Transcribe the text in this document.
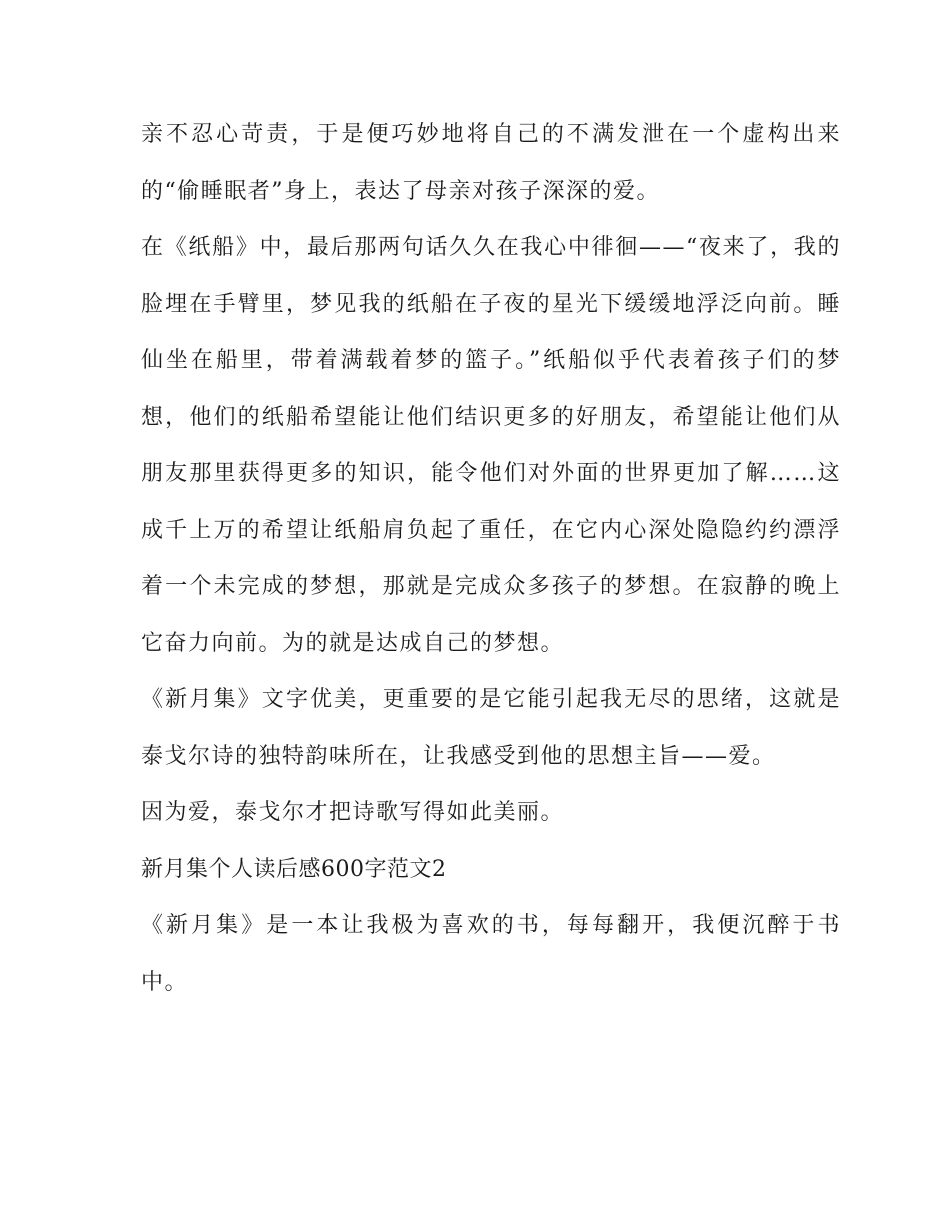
亲不忍心苛责，于是便巧妙地将自己的不满发泄在一个虚构出来的“偷睡眠者”身上，表达了母亲对孩子深深的爱。

在《纸船》中，最后那两句话久久在我心中徘徊——“夜来了，我的脸埋在手臂里，梦见我的纸船在子夜的星光下缓缓地浮泛向前。睡仙坐在船里，带着满载着梦的篮子。”纸船似乎代表着孩子们的梦想，他们的纸船希望能让他们结识更多的好朋友，希望能让他们从朋友那里获得更多的知识，能令他们对外面的世界更加了解……这成千上万的希望让纸船肩负起了重任，在它内心深处隐隐约约漂浮着一个未完成的梦想，那就是完成众多孩子的梦想。在寂静的晚上它奋力向前。为的就是达成自己的梦想。

《新月集》文字优美，更重要的是它能引起我无尽的思绪，这就是泰戈尔诗的独特韵味所在，让我感受到他的思想主旨——爱。

因为爱，泰戈尔才把诗歌写得如此美丽。

新月集个人读后感600字范文2

《新月集》是一本让我极为喜欢的书，每每翻开，我便沉醉于书中。
